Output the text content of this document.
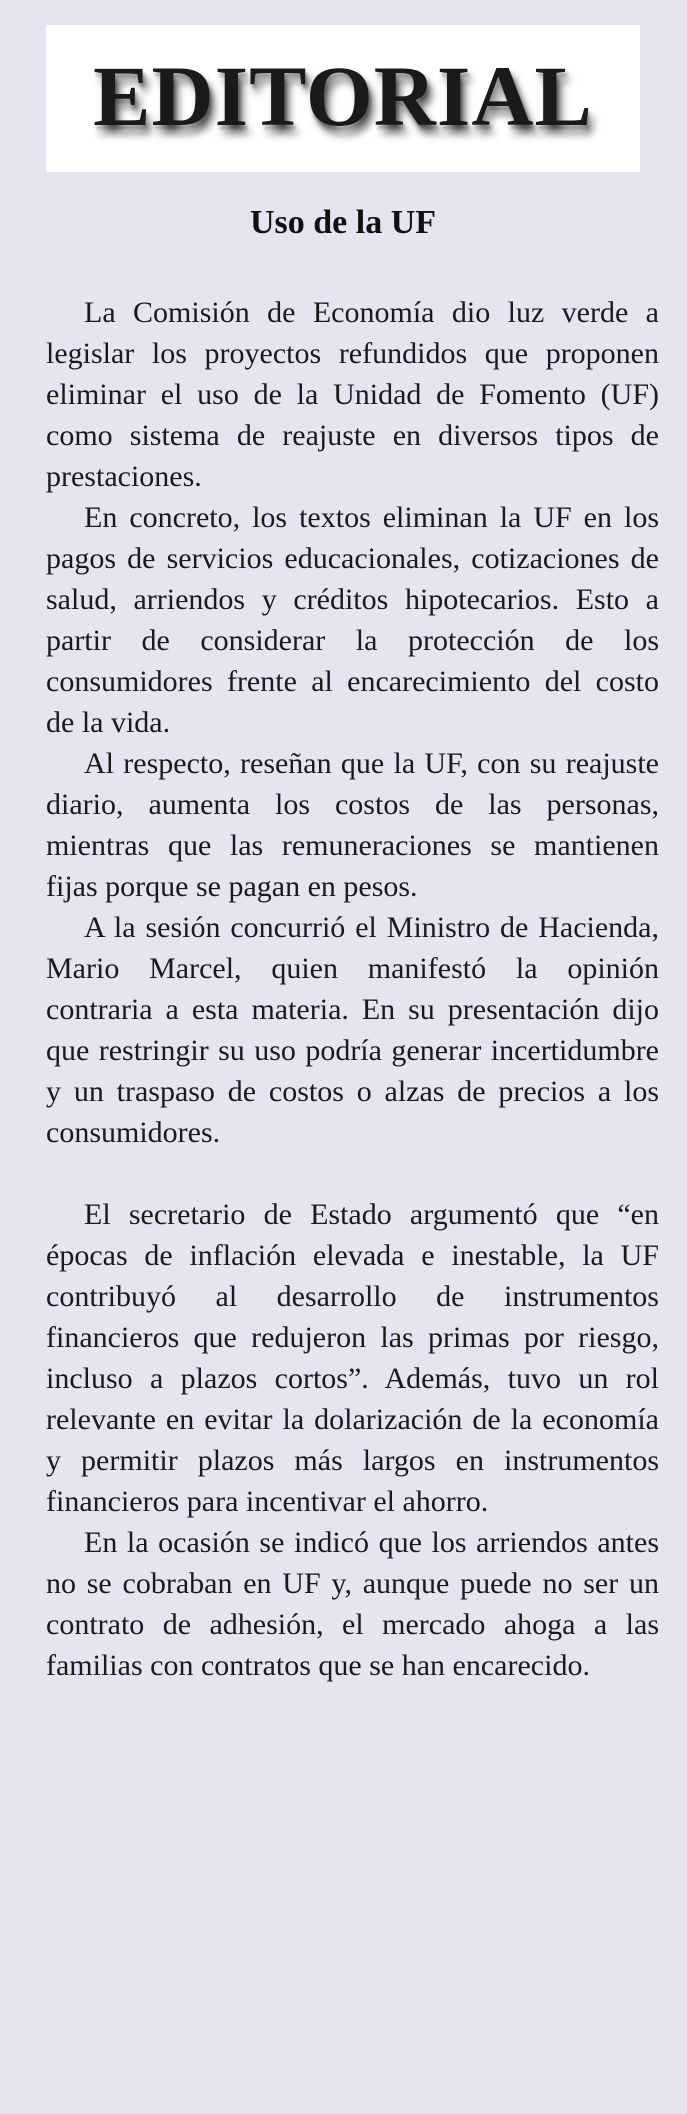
EDITORIAL
Uso de la UF

La Comisión de Economía dio luz verde a legislar los proyectos refundidos que proponen eliminar el uso de la Unidad de Fomento (UF) como sistema de reajuste en diversos tipos de prestaciones.

En concreto, los textos eliminan la UF en los pagos de servicios educacionales, cotizaciones de salud, arriendos y créditos hipotecarios. Esto a partir de considerar la protección de los consumidores frente al encarecimiento del costo de la vida.

Al respecto, reseñan que la UF, con su reajuste diario, aumenta los costos de las personas, mientras que las remuneraciones se mantienen fijas porque se pagan en pesos.

A la sesión concurrió el Ministro de Hacienda, Mario Marcel, quien manifestó la opinión contraria a esta materia. En su presentación dijo que restringir su uso podría generar incertidumbre y un traspaso de costos o alzas de precios a los consumidores.

El secretario de Estado argumentó que “en épocas de inflación elevada e inestable, la UF contribuyó al desarrollo de instrumentos financieros que redujeron las primas por riesgo, incluso a plazos cortos”. Además, tuvo un rol relevante en evitar la dolarización de la economía y permitir plazos más largos en instrumentos financieros para incentivar el ahorro.

En la ocasión se indicó que los arriendos antes no se cobraban en UF y, aunque puede no ser un contrato de adhesión, el mercado ahoga a las familias con contratos que se han encarecido.
